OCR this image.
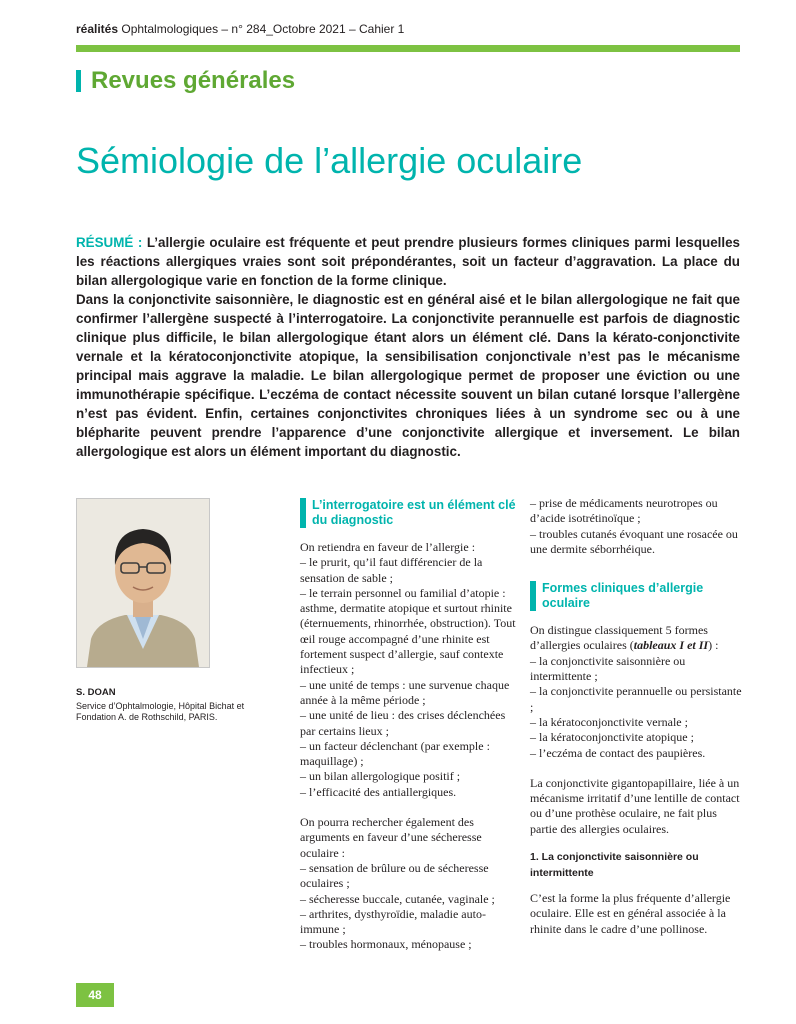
réalités Ophtalmologiques – n° 284_Octobre 2021 – Cahier 1
Revues générales
Sémiologie de l’allergie oculaire

RÉSUMÉ : L’allergie oculaire est fréquente et peut prendre plusieurs formes cliniques parmi lesquelles les réactions allergiques vraies sont soit prépondérantes, soit un facteur d’aggravation. La place du bilan allergologique varie en fonction de la forme clinique.

Dans la conjonctivite saisonnière, le diagnostic est en général aisé et le bilan allergologique ne fait que confirmer l’allergène suspecté à l’interrogatoire. La conjonctivite perannuelle est parfois de diagnostic clinique plus difficile, le bilan allergologique étant alors un élément clé. Dans la kérato-conjonctivite vernale et la kératoconjonctivite atopique, la sensibilisation conjonctivale n’est pas le mécanisme principal mais aggrave la maladie. Le bilan allergologique permet de proposer une éviction ou une immunothérapie spécifique. L’eczéma de contact nécessite souvent un bilan cutané lorsque l’allergène n’est pas évident. Enfin, certaines conjonctivites chroniques liées à un syndrome sec ou à une blépharite peuvent prendre l’apparence d’une conjonctivite allergique et inversement. Le bilan allergologique est alors un élément important du diagnostic.

S. DOAN
Service d’Ophtalmologie, Hôpital Bichat et Fondation A. de Rothschild, PARIS.
L’interrogatoire est un élément clé du diagnostic

On retiendra en faveur de l’allergie :

– le prurit, qu’il faut différencier de la sensation de sable ;

– le terrain personnel ou familial d’atopie : asthme, dermatite atopique et surtout rhinite (éternuements, rhinorrhée, obstruction). Tout œil rouge accompagné d’une rhinite est fortement suspect d’allergie, sauf contexte infectieux ;

– une unité de temps : une survenue chaque année à la même période ;

– une unité de lieu : des crises déclenchées par certains lieux ;

– un facteur déclenchant (par exemple : maquillage) ;

– un bilan allergologique positif ;

– l’efficacité des antiallergiques.

On pourra rechercher également des arguments en faveur d’une sécheresse oculaire :

– sensation de brûlure ou de sécheresse oculaires ;

– sécheresse buccale, cutanée, vaginale ;

– arthrites, dysthyroïdie, maladie auto-immune ;

– troubles hormonaux, ménopause ;

– prise de médicaments neurotropes ou d’acide isotrétinoïque ;

– troubles cutanés évoquant une rosacée ou une dermite séborrhéique.

Formes cliniques d’allergie oculaire

On distingue classiquement 5 formes d’allergies oculaires (tableaux I et II) :

– la conjonctivite saisonnière ou intermittente ;

– la conjonctivite perannuelle ou persistante ;

– la kératoconjonctivite vernale ;

– la kératoconjonctivite atopique ;

– l’eczéma de contact des paupières.

La conjonctivite gigantopapillaire, liée à un mécanisme irritatif d’une lentille de contact ou d’une prothèse oculaire, ne fait plus partie des allergies oculaires.

1. La conjonctivite saisonnière ou intermittente

C’est la forme la plus fréquente d’allergie oculaire. Elle est en général associée à la rhinite dans le cadre d’une pollinose.

48
